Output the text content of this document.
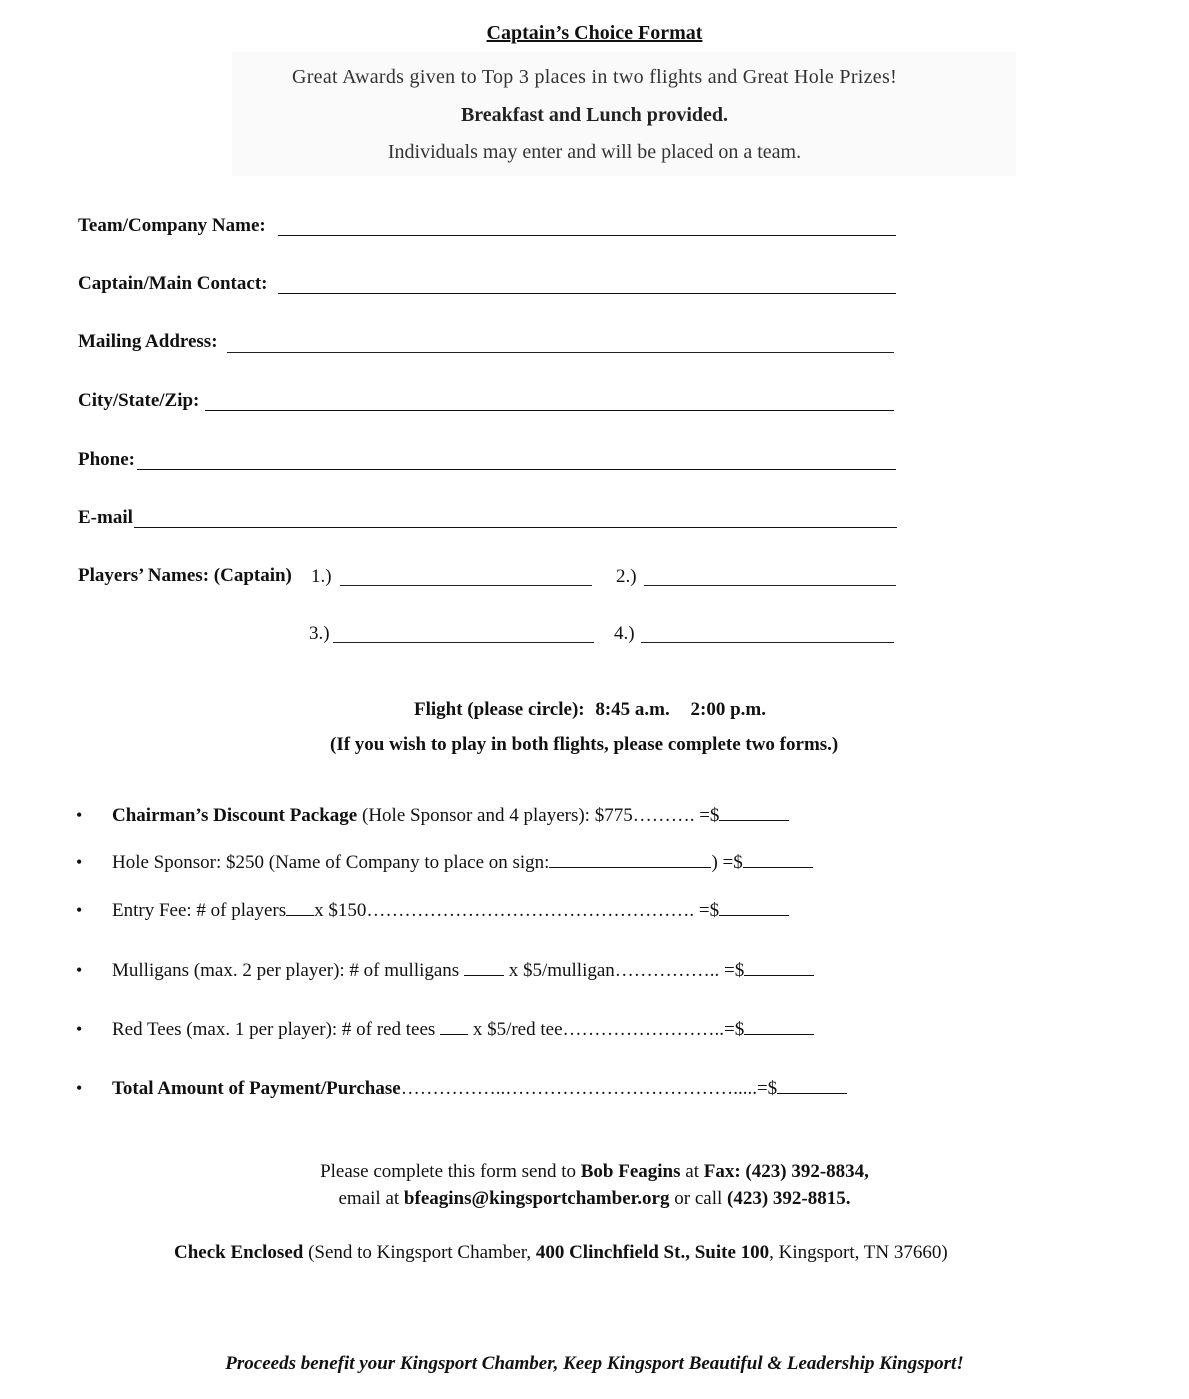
Captain’s Choice Format
Great Awards given to Top 3 places in two flights and Great Hole Prizes!
Breakfast and Lunch provided.
Individuals may enter and will be placed on a team.
Team/Company Name:
Captain/Main Contact:
Mailing Address:
City/State/Zip:
Phone:
E-mail
Players’ Names: (Captain) 1.)	2.)
3.)	4.)
Flight (please circle): 8:45 a.m. 2:00 p.m.
(If you wish to play in both flights, please complete two forms.)
• Chairman’s Discount Package (Hole Sponsor and 4 players): $775………. =$
• Hole Sponsor: $250 (Name of Company to place on sign:	) =$
• Entry Fee: # of players x $150……………………………………………. =$
• Mulligans (max. 2 per player): # of mulligans  x $5/mulligan…………….. =$
• Red Tees (max. 1 per player): # of red tees  x $5/red tee……………………..=$
• Total Amount of Payment/Purchase……………..……………………………….....=$
Please complete this form send to Bob Feagins at Fax: (423) 392-8834,
email at bfeagins@kingsportchamber.org or call (423) 392-8815.
Check Enclosed (Send to Kingsport Chamber, 400 Clinchfield St., Suite 100, Kingsport, TN 37660)
Proceeds benefit your Kingsport Chamber, Keep Kingsport Beautiful & Leadership Kingsport!
